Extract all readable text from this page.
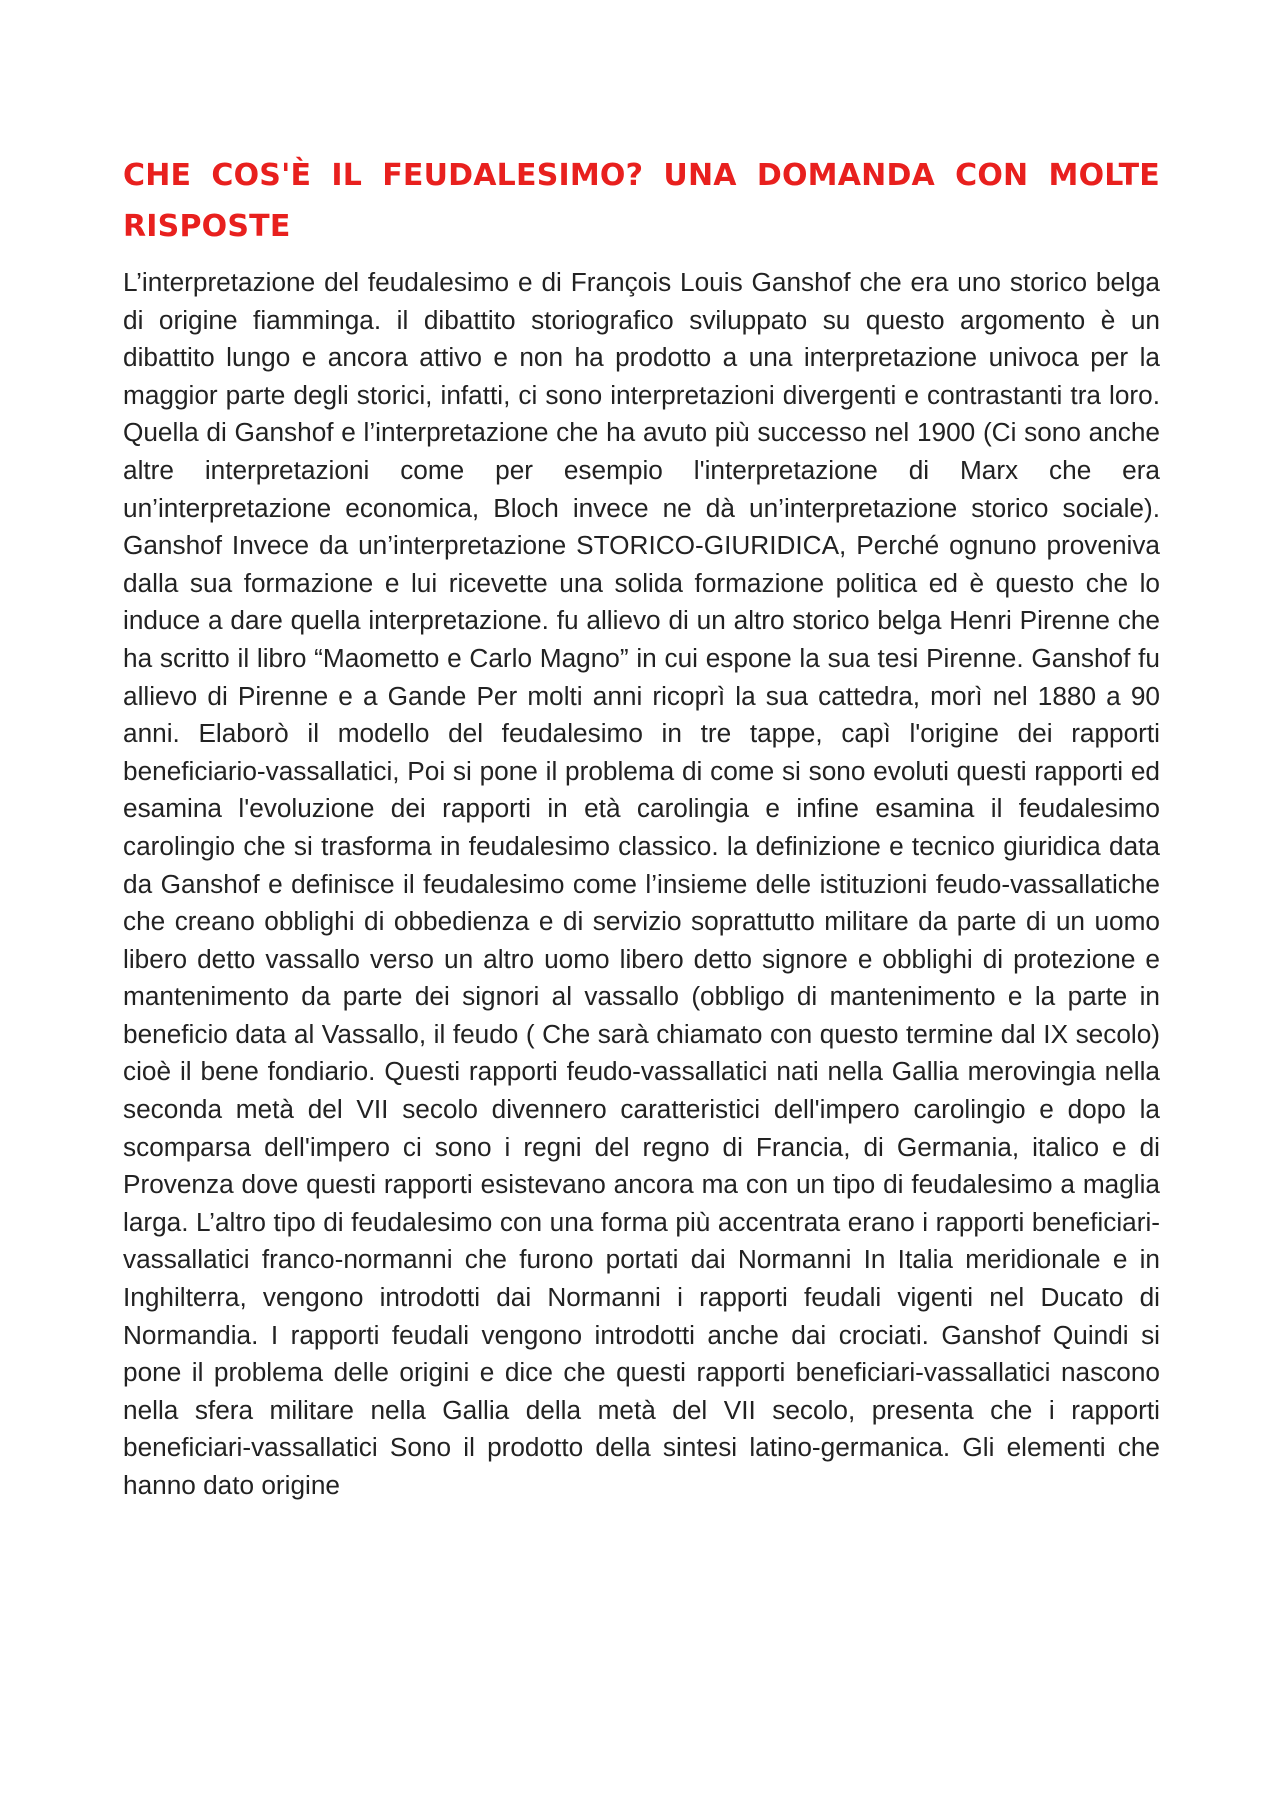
CHE COS'È IL FEUDALESIMO? UNA DOMANDA CON MOLTE RISPOSTE

L’interpretazione del feudalesimo e di François Louis Ganshof che era uno storico belga di origine fiamminga. il dibattito storiografico sviluppato su questo argomento è un dibattito lungo e ancora attivo e non ha prodotto a una interpretazione univoca per la maggior parte degli storici, infatti, ci sono interpretazioni divergenti e contrastanti tra loro. Quella di Ganshof e l’interpretazione che ha avuto più successo nel 1900 (Ci sono anche altre interpretazioni come per esempio l'interpretazione di Marx che era un’interpretazione economica, Bloch invece ne dà un’interpretazione storico sociale). Ganshof Invece da un’interpretazione STORICO-GIURIDICA, Perché ognuno proveniva dalla sua formazione e lui ricevette una solida formazione politica ed è questo che lo induce a dare quella interpretazione. fu allievo di un altro storico belga Henri Pirenne che ha scritto il libro “Maometto e Carlo Magno” in cui espone la sua tesi Pirenne. Ganshof fu allievo di Pirenne e a Gande Per molti anni ricoprì la sua cattedra, morì nel 1880 a 90 anni. Elaborò il modello del feudalesimo in tre tappe, capì l'origine dei rapporti beneficiario-vassallatici, Poi si pone il problema di come si sono evoluti questi rapporti ed esamina l'evoluzione dei rapporti in età carolingia e infine esamina il feudalesimo carolingio che si trasforma in feudalesimo classico. la definizione e tecnico giuridica data da Ganshof e definisce il feudalesimo come l’insieme delle istituzioni feudo-vassallatiche che creano obblighi di obbedienza e di servizio soprattutto militare da parte di un uomo libero detto vassallo verso un altro uomo libero detto signore e obblighi di protezione e mantenimento da parte dei signori al vassallo (obbligo di mantenimento e la parte in beneficio data al Vassallo, il feudo ( Che sarà chiamato con questo termine dal IX secolo) cioè il bene fondiario. Questi rapporti feudo-vassallatici nati nella Gallia merovingia nella seconda metà del VII secolo divennero caratteristici dell'impero carolingio e dopo la scomparsa dell'impero ci sono i regni del regno di Francia, di Germania, italico e di Provenza dove questi rapporti esistevano ancora ma con un tipo di feudalesimo a maglia larga. L’altro tipo di feudalesimo con una forma più accentrata erano i rapporti beneficiari-vassallatici franco-normanni che furono portati dai Normanni In Italia meridionale e in Inghilterra, vengono introdotti dai Normanni i rapporti feudali vigenti nel Ducato di Normandia. I rapporti feudali vengono introdotti anche dai crociati. Ganshof Quindi si pone il problema delle origini e dice che questi rapporti beneficiari-vassallatici nascono nella sfera militare nella Gallia della metà del VII secolo, presenta che i rapporti beneficiari-vassallatici Sono il prodotto della sintesi latino-germanica. Gli elementi che hanno dato origine
